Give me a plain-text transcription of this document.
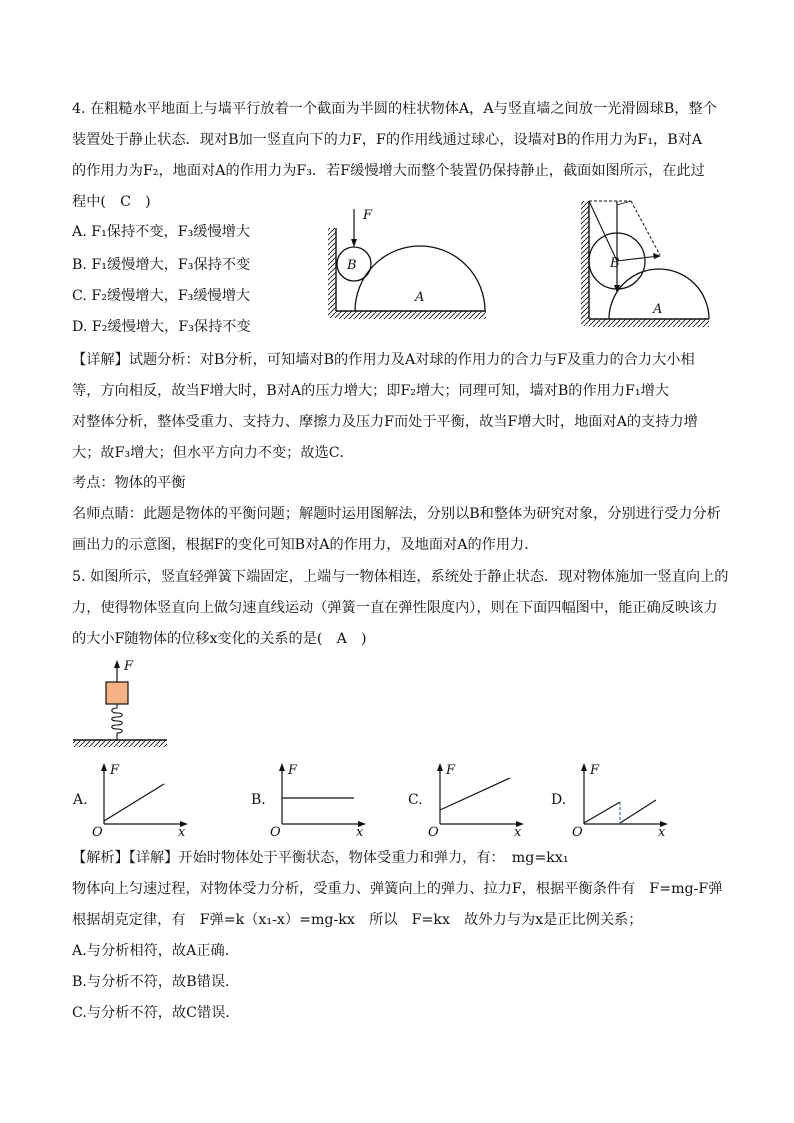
4. 在粗糙水平地面上与墙平行放着一个截面为半圆的柱状物体A，A与竖直墙之间放一光滑圆球B，整个
装置处于静止状态．现对B加一竖直向下的力F，F的作用线通过球心，设墙对B的作用力为F₁，B对A
的作用力为F₂，地面对A的作用力为F₃．若F缓慢增大而整个装置仍保持静止，截面如图所示，在此过
程中(　C　)
A. F₁保持不变，F₃缓慢增大
B. F₁缓慢增大，F₃保持不变
C. F₂缓慢增大，F₃缓慢增大
D. F₂缓慢增大，F₃保持不变
F
B
A
B
A
【详解】试题分析：对B分析，可知墙对B的作用力及A对球的作用力的合力与F及重力的合力大小相
等，方向相反，故当F增大时，B对A的压力增大；即F₂增大；同理可知，墙对B的作用力F₁增大
对整体分析，整体受重力、支持力、摩擦力及压力F而处于平衡，故当F增大时，地面对A的支持力增
大；故F₃增大；但水平方向力不变；故选C．
考点：物体的平衡
名师点睛：此题是物体的平衡问题；解题时运用图解法，分别以B和整体为研究对象，分别进行受力分析
画出力的示意图，根据F的变化可知B对A的作用力，及地面对A的作用力．
5. 如图所示，竖直轻弹簧下端固定，上端与一物体相连，系统处于静止状态．现对物体施加一竖直向上的
力，使得物体竖直向上做匀速直线运动（弹簧一直在弹性限度内），则在下面四幅图中，能正确反映该力
的大小F随物体的位移x变化的关系的是(　A　)
F
A.
F
x
O
B.
F
x
O
C.
F
x
O
D.
F
x
O
【解析】【详解】开始时物体处于平衡状态，物体受重力和弹力，有：　mg=kx₁
物体向上匀速过程，对物体受力分析，受重力、弹簧向上的弹力、拉力F，根据平衡条件有　F=mg-F弹
根据胡克定律，有　F弹=k（x₁-x）=mg-kx　所以　F=kx　故外力与为x是正比例关系；
A.与分析相符，故A正确．
B.与分析不符，故B错误．
C.与分析不符，故C错误．
